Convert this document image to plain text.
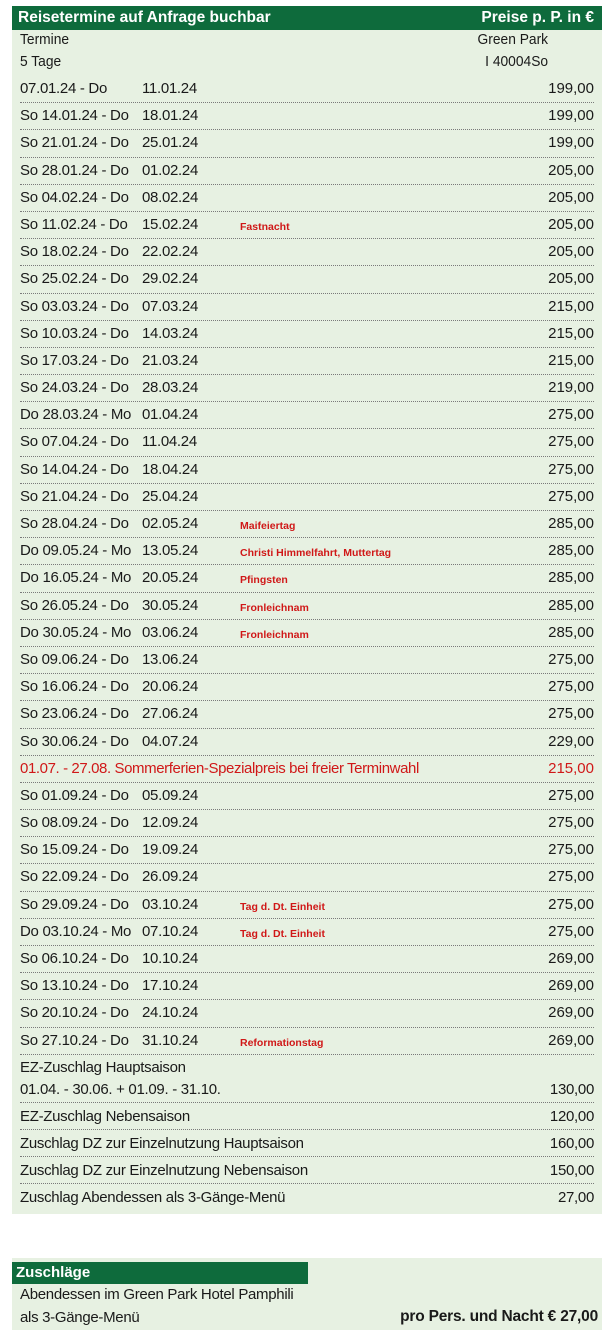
Reisetermine auf Anfrage buchbar	Preise p. P. in €
Termine	Green Park
5 Tage	I 40004So
07.01.24 - Do 11.01.24	199,00
So 14.01.24 - Do 18.01.24	199,00
So 21.01.24 - Do 25.01.24	199,00
So 28.01.24 - Do 01.02.24	205,00
So 04.02.24 - Do 08.02.24	205,00
So 11.02.24 - Do 15.02.24	Fastnacht	205,00
So 18.02.24 - Do 22.02.24	205,00
So 25.02.24 - Do 29.02.24	205,00
So 03.03.24 - Do 07.03.24	215,00
So 10.03.24 - Do 14.03.24	215,00
So 17.03.24 - Do 21.03.24	215,00
So 24.03.24 - Do 28.03.24	219,00
Do 28.03.24 - Mo 01.04.24	275,00
So 07.04.24 - Do 11.04.24	275,00
So 14.04.24 - Do 18.04.24	275,00
So 21.04.24 - Do 25.04.24	275,00
So 28.04.24 - Do 02.05.24	Maifeiertag	285,00
Do 09.05.24 - Mo 13.05.24	Christi Himmelfahrt, Muttertag	285,00
Do 16.05.24 - Mo 20.05.24	Pfingsten	285,00
So 26.05.24 - Do 30.05.24	Fronleichnam	285,00
Do 30.05.24 - Mo 03.06.24	Fronleichnam	285,00
So 09.06.24 - Do 13.06.24	275,00
So 16.06.24 - Do 20.06.24	275,00
So 23.06.24 - Do 27.06.24	275,00
So 30.06.24 - Do 04.07.24	229,00
01.07. - 27.08. Sommerferien-Spezialpreis bei freier Terminwahl	215,00
So 01.09.24 - Do 05.09.24	275,00
So 08.09.24 - Do 12.09.24	275,00
So 15.09.24 - Do 19.09.24	275,00
So 22.09.24 - Do 26.09.24	275,00
So 29.09.24 - Do 03.10.24	Tag d. Dt. Einheit	275,00
Do 03.10.24 - Mo 07.10.24	Tag d. Dt. Einheit	275,00
So 06.10.24 - Do 10.10.24	269,00
So 13.10.24 - Do 17.10.24	269,00
So 20.10.24 - Do 24.10.24	269,00
So 27.10.24 - Do 31.10.24	Reformationstag	269,00
EZ-Zuschlag Hauptsaison
01.04. - 30.06. + 01.09. - 31.10.	130,00
EZ-Zuschlag Nebensaison	120,00
Zuschlag DZ zur Einzelnutzung Hauptsaison	160,00
Zuschlag DZ zur Einzelnutzung Nebensaison	150,00
Zuschlag Abendessen als 3-Gänge-Menü	27,00
Zuschläge
Abendessen im Green Park Hotel Pamphili
als 3-Gänge-Menü	pro Pers. und Nacht € 27,00
